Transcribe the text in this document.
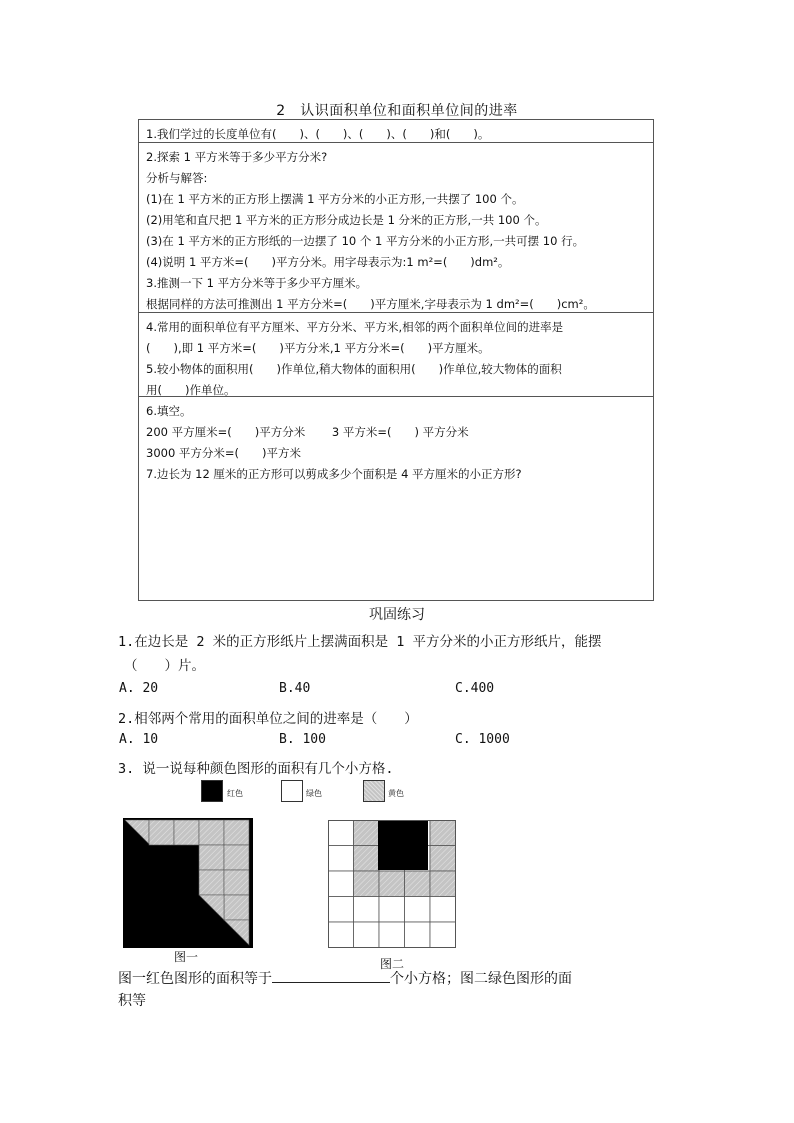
2　认识面积单位和面积单位间的进率
1.我们学过的长度单位有(　　)、(　　)、(　　)、(　　)和(　　)。
2.探索 1 平方米等于多少平方分米?
分析与解答:
(1)在 1 平方米的正方形上摆满 1 平方分米的小正方形,一共摆了 100 个。
(2)用笔和直尺把 1 平方米的正方形分成边长是 1 分米的正方形,一共 100 个。
(3)在 1 平方米的正方形纸的一边摆了 10 个 1 平方分米的小正方形,一共可摆 10 行。
(4)说明 1 平方米=(　　)平方分米。用字母表示为:1 m²=(　　)dm²。
3.推测一下 1 平方分米等于多少平方厘米。
根据同样的方法可推测出 1 平方分米=(　　)平方厘米,字母表示为 1 dm²=(　　)cm²。
4.常用的面积单位有平方厘米、平方分米、平方米,相邻的两个面积单位间的进率是
(　　),即 1 平方米=(　　)平方分米,1 平方分米=(　　)平方厘米。
5.较小物体的面积用(　　)作单位,稍大物体的面积用(　　)作单位,较大物体的面积
用(　　)作单位。
6.填空。
200 平方厘米=(　　)平方分米　　 3 平方米=(　　) 平方分米
3000 平方分米=(　　)平方米
7.边长为 12 厘米的正方形可以剪成多少个面积是 4 平方厘米的小正方形?
巩固练习
1.在边长是 2 米的正方形纸片上摆满面积是 1 平方分米的小正方形纸片，能摆
（　　）片。
A. 20	B.40	C.400
2.相邻两个常用的面积单位之间的进率是（　　）
A. 10	B. 100	C. 1000
3. 说一说每种颜色图形的面积有几个小方格.
红色	绿色	黄色
图一	图二
图一红色图形的面积等于	个小方格；图二绿色图形的面
积等
